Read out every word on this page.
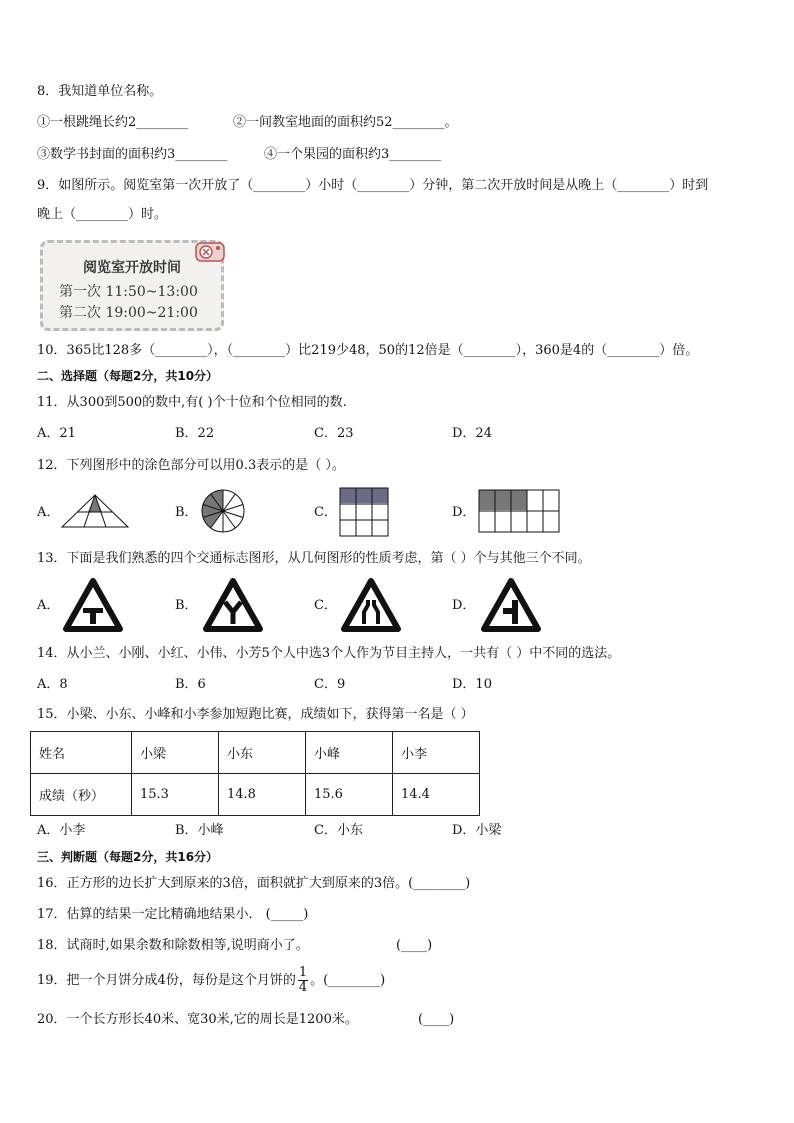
8．我知道单位名称。
①一根跳绳长约2________	②一间教室地面的面积约52________。
③数学书封面的面积约3________	④一个果园的面积约3________
9．如图所示。阅览室第一次开放了（________）小时（________）分钟，第二次开放时间是从晚上（________）时到
晚上（________）时。
阅览室开放时间
第一次 11:50~13:00
第二次 19:00~21:00
10．365比128多（________），（________）比219少48，50的12倍是（________），360是4的（________）倍。
二、选择题（每题2分，共10分）
11．从300到500的数中,有( )个十位和个位相同的数.
A．21	B．22	C．23	D．24
12．下列图形中的涂色部分可以用0.3表示的是（ ）。
A．	B．	C．	D．
13．下面是我们熟悉的四个交通标志图形，从几何图形的性质考虑，第（ ）个与其他三个不同。
A．	B．	C．	D．
14．从小兰、小刚、小红、小伟、小芳5个人中选3个人作为节目主持人，一共有（ ）中不同的选法。
A．8	B．6	C．9	D．10
15．小梁、小东、小峰和小李参加短跑比赛，成绩如下，获得第一名是（ ）
姓名	小梁	小东	小峰	小李
成绩（秒）	15.3	14.8	15.6	14.4
A．小李	B．小峰	C．小东	D．小梁
三、判断题（每题2分，共16分）
16．正方形的边长扩大到原来的3倍，面积就扩大到原来的3倍。(________)
17．估算的结果一定比精确地结果小． (_____)
18．试商时,如果余数和除数相等,说明商小了。	(____)
19．把一个月饼分成4份，每份是这个月饼的 $\frac{1}{4}$ 。(________)
20．一个长方形长40米、宽30米,它的周长是1200米。	(____)
